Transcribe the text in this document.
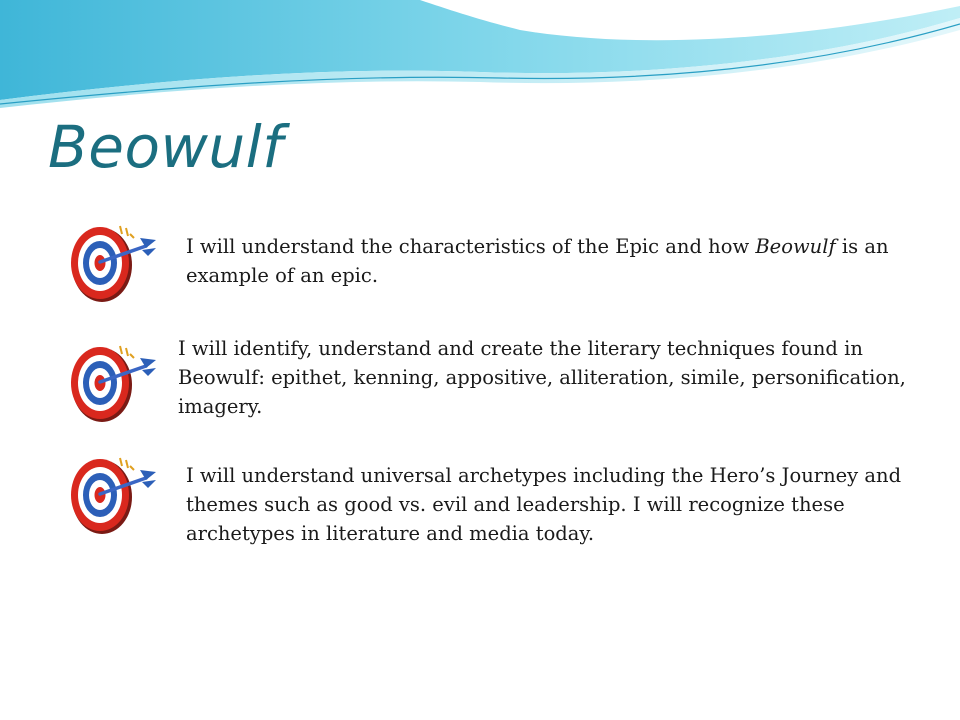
Beowulf

I will understand the characteristics of the Epic and how Beowulf is an example of an epic.

I will identify, understand and create the literary techniques found in Beowulf: epithet, kenning, appositive, alliteration, simile, personification, imagery.

I will understand universal archetypes including the Hero’s Journey and themes such as good vs. evil and leadership. I will recognize these archetypes in literature and media today.
